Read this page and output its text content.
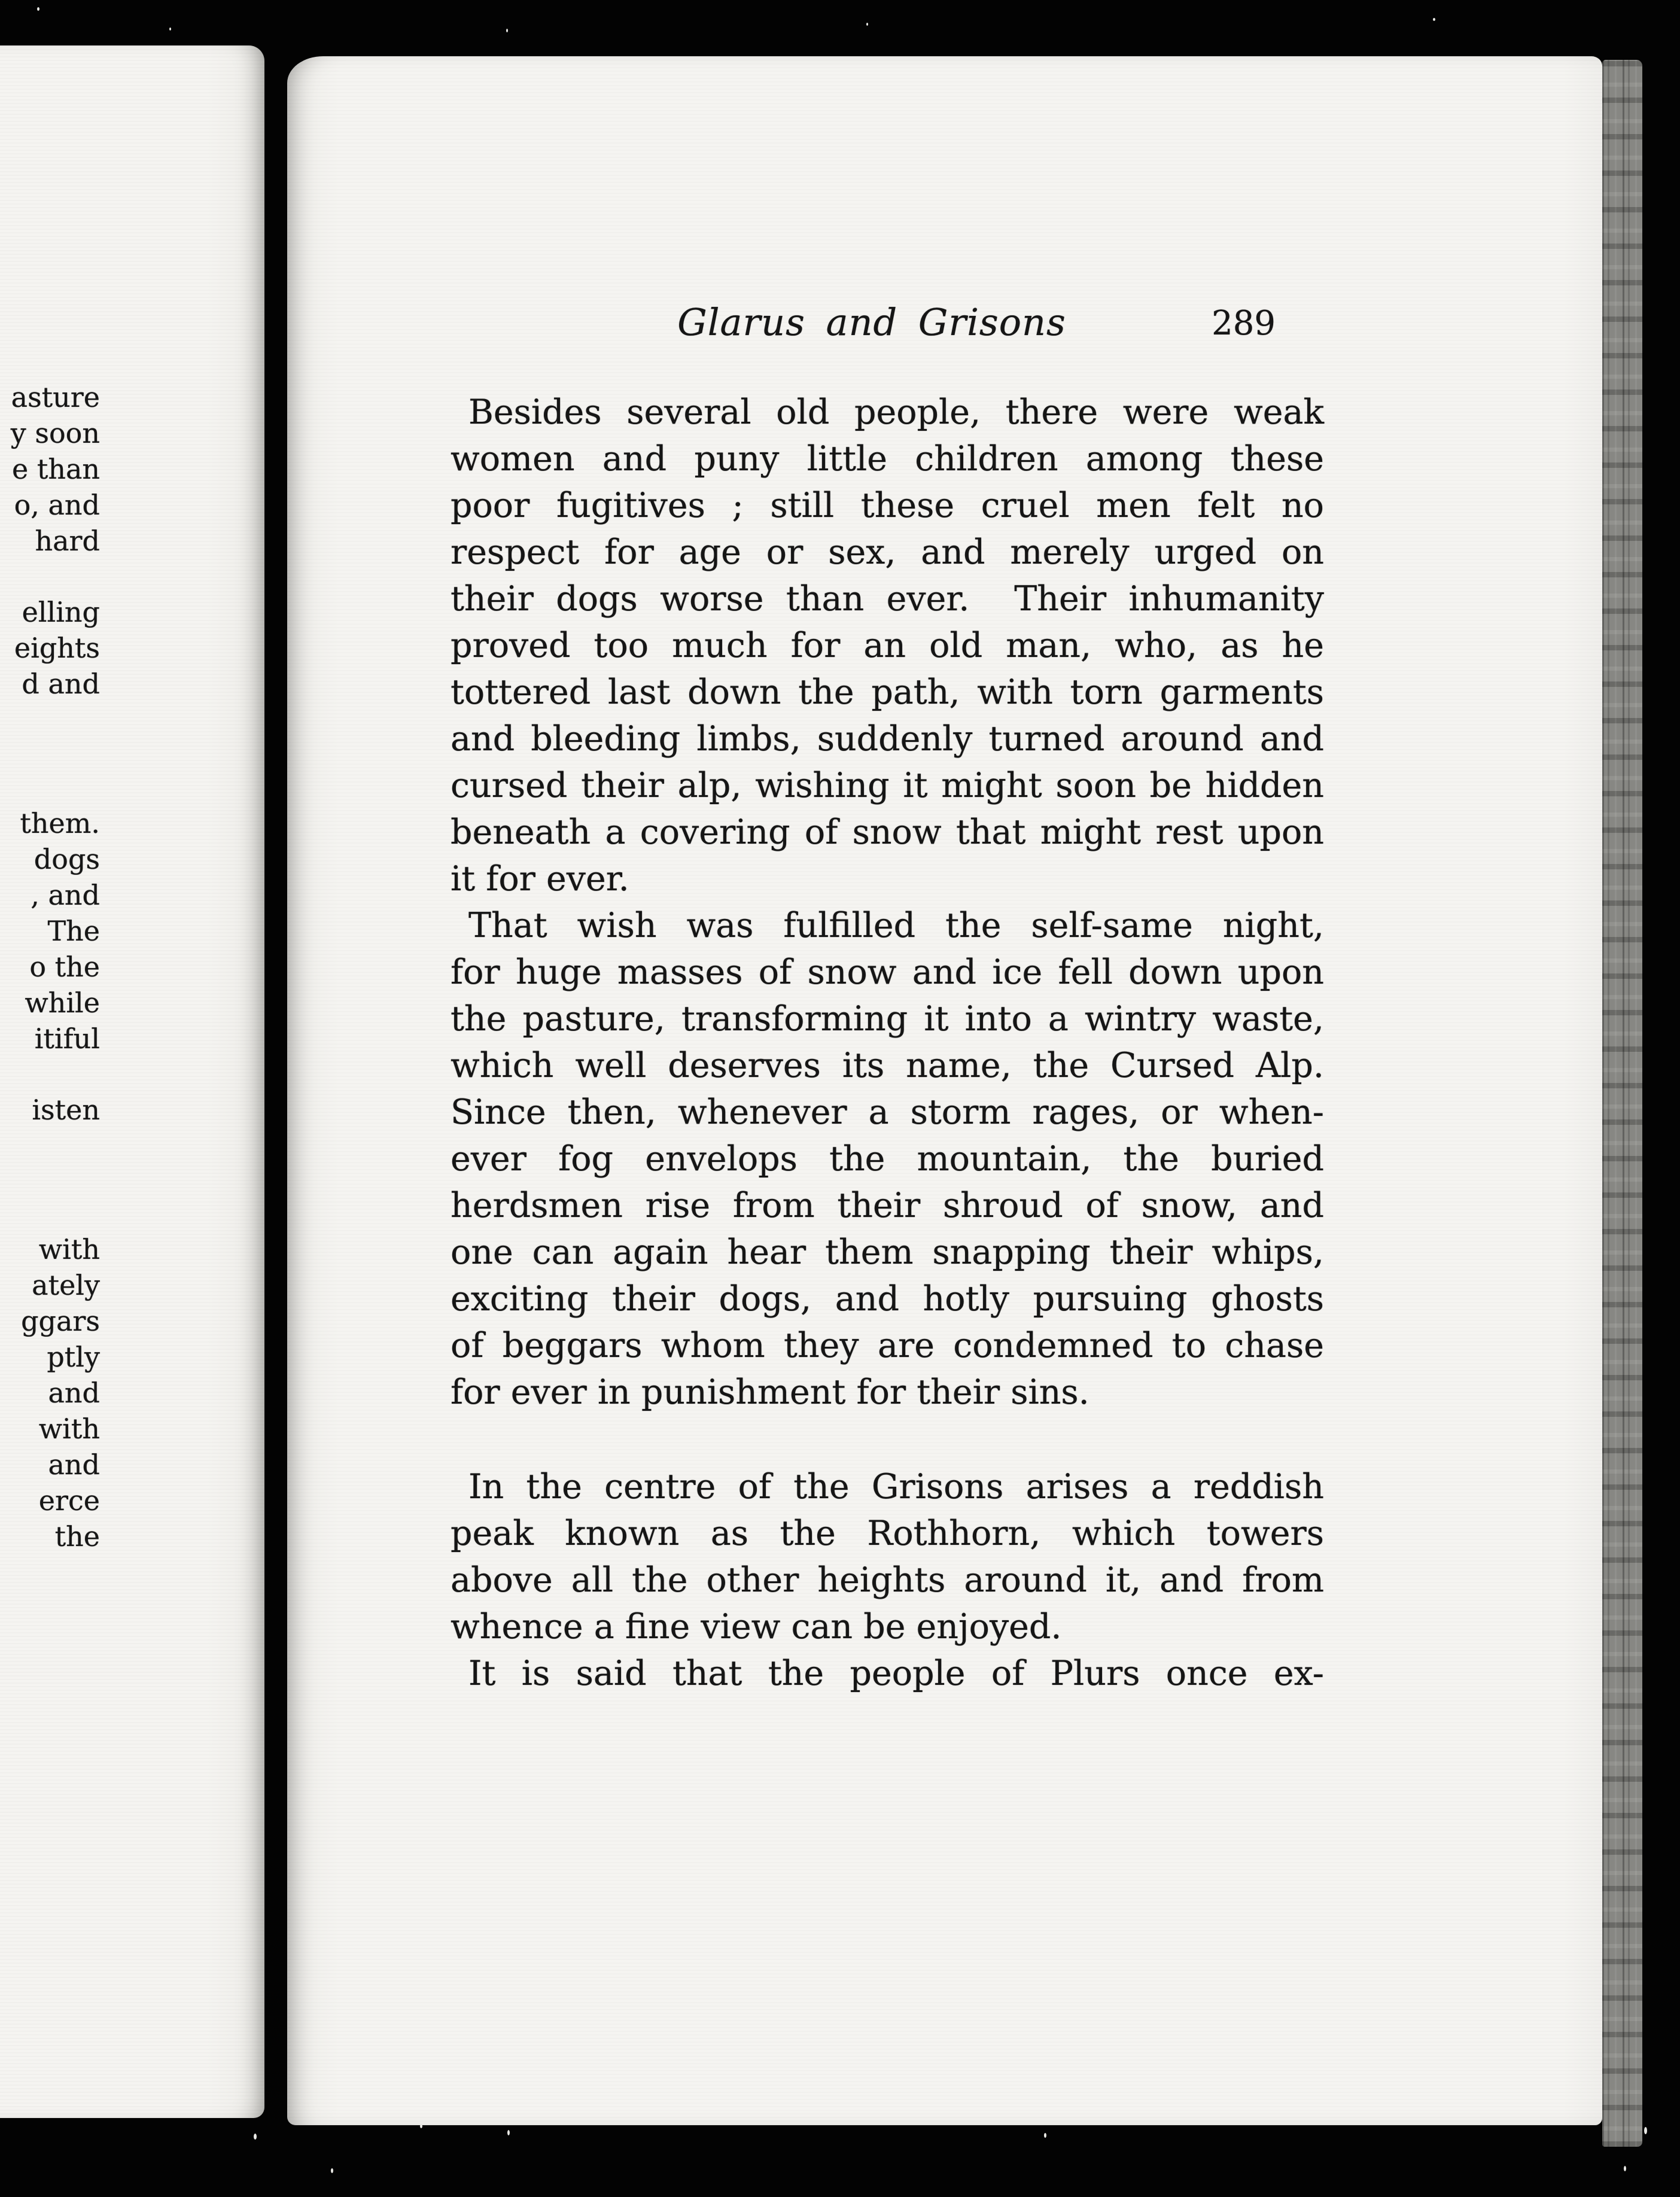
asture
y soon
e than
o, and
hard
elling
eights
d and
them.
dogs
, and
The
o the
while
itiful
isten
with
ately
ggars
ptly
and
with
and
erce
the
Glarus and Grisons	289
Besides several old people, there were weak
women and puny little children among these
poor fugitives ; still these cruel men felt no
respect for age or sex, and merely urged on
their dogs worse than ever.  Their inhumanity
proved too much for an old man, who, as he
tottered last down the path, with torn garments
and bleeding limbs, suddenly turned around and
cursed their alp, wishing it might soon be hidden
beneath a covering of snow that might rest upon
it for ever.
That wish was fulfilled the self-same night,
for huge masses of snow and ice fell down upon
the pasture, transforming it into a wintry waste,
which well deserves its name, the Cursed Alp.
Since then, whenever a storm rages, or when-
ever fog envelops the mountain, the buried
herdsmen rise from their shroud of snow, and
one can again hear them snapping their whips,
exciting their dogs, and hotly pursuing ghosts
of beggars whom they are condemned to chase
for ever in punishment for their sins.
In the centre of the Grisons arises a reddish
peak known as the Rothhorn, which towers
above all the other heights around it, and from
whence a fine view can be enjoyed.
It is said that the people of Plurs once ex-
